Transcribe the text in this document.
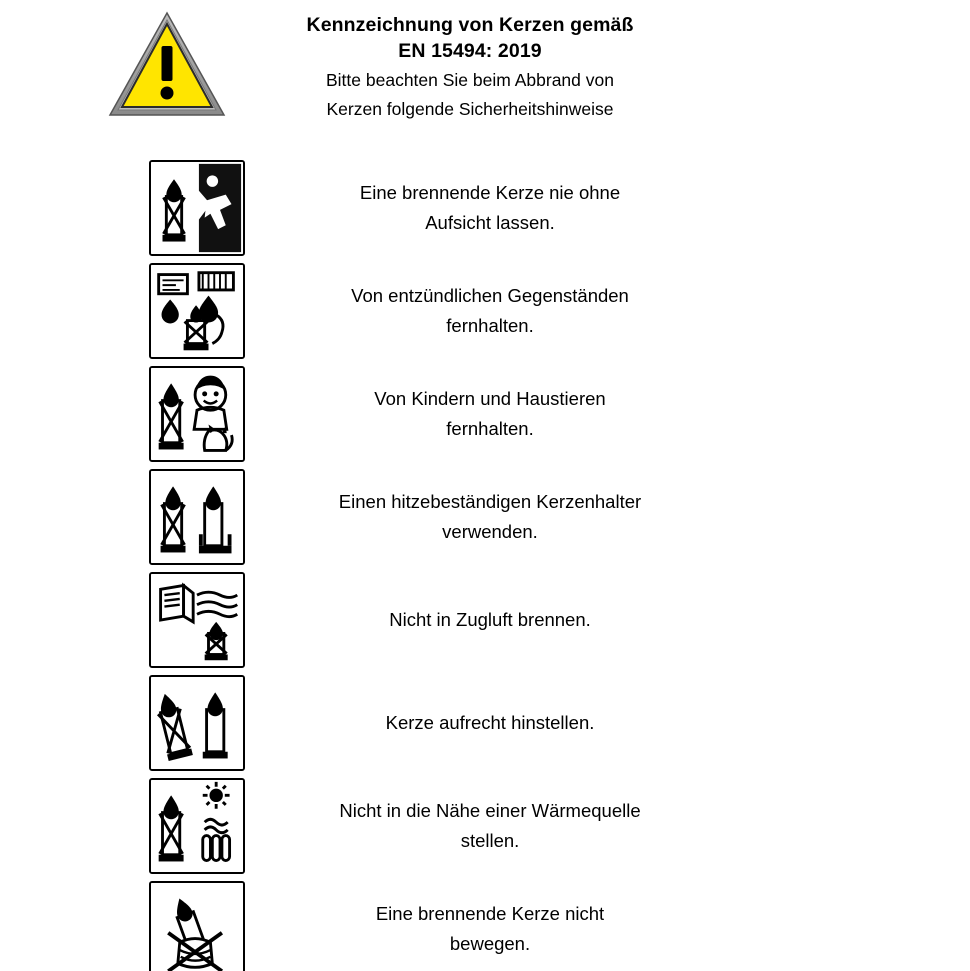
Kennzeichnung von Kerzen gemäß
EN 15494: 2019
Bitte beachten Sie beim Abbrand von
Kerzen folgende Sicherheitshinweise
Eine brennende Kerze nie ohne
Aufsicht lassen.
Von entzündlichen Gegenständen
fernhalten.
Von Kindern und Haustieren
fernhalten.
Einen hitzebeständigen Kerzenhalter
verwenden.
Nicht in Zugluft brennen.
Kerze aufrecht hinstellen.
Nicht in die Nähe einer Wärmequelle
stellen.
Eine brennende Kerze nicht
bewegen.
